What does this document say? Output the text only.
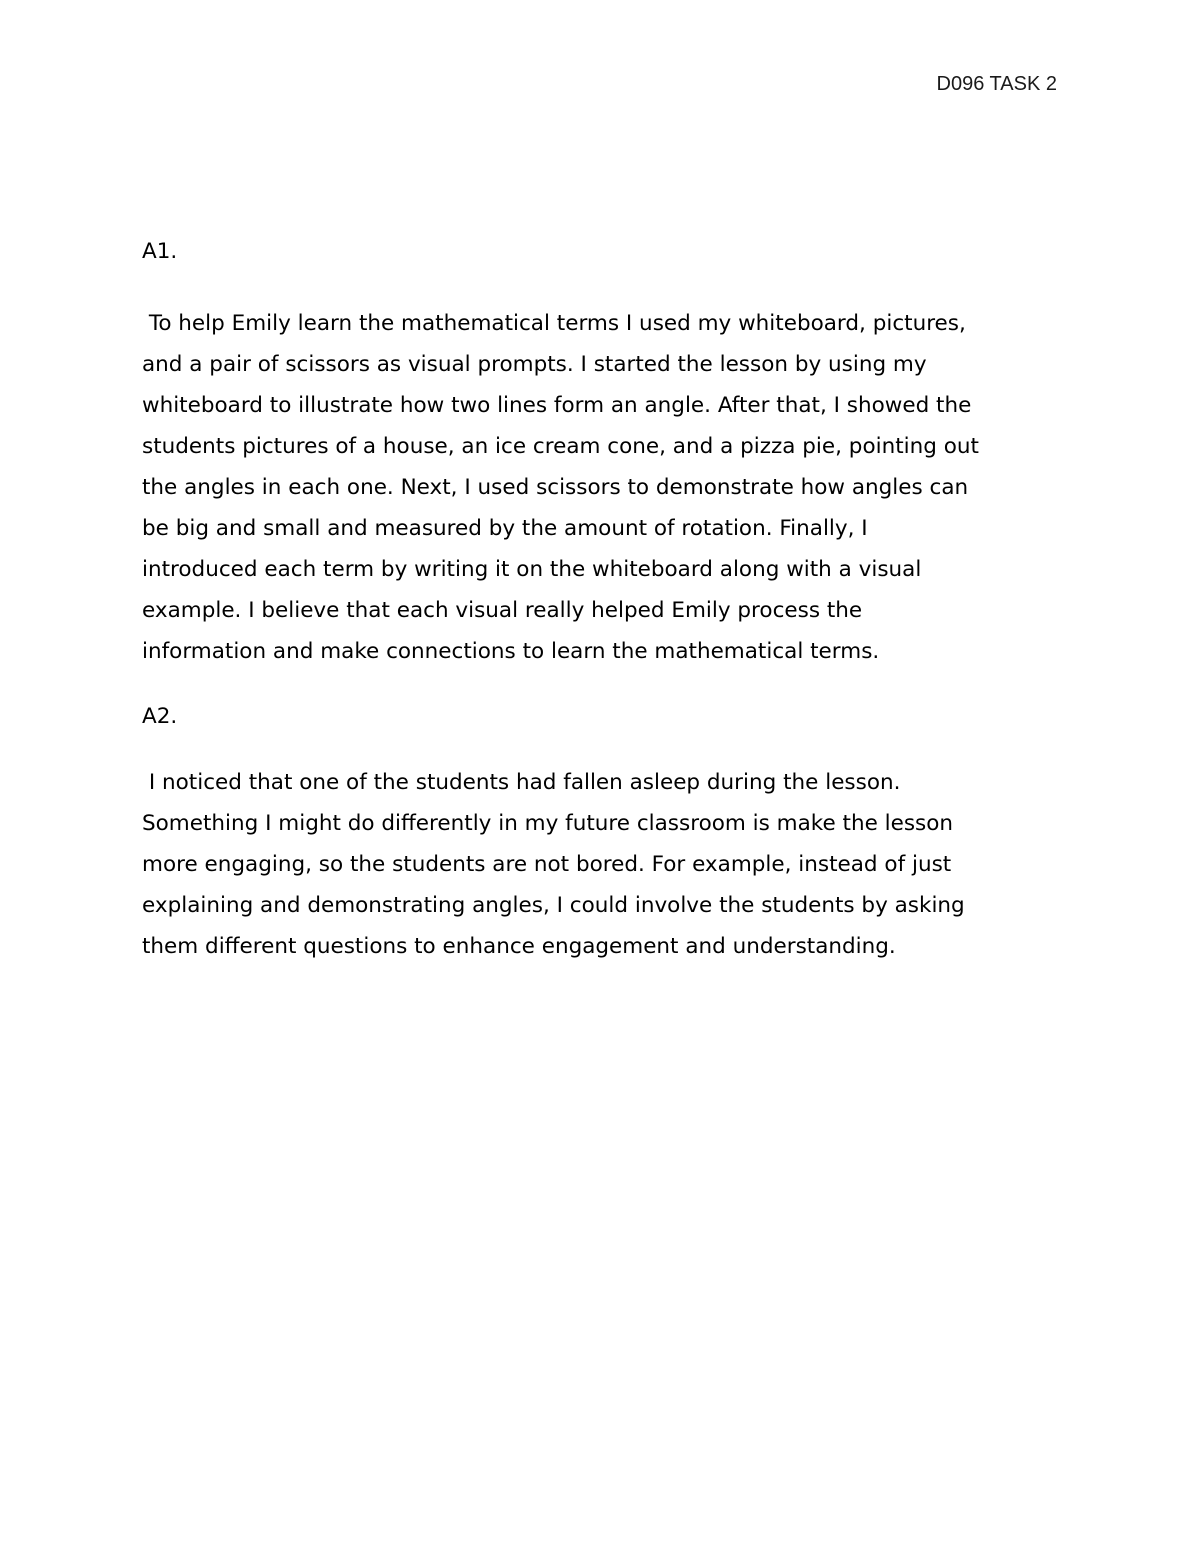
D096 TASK 2
A1.

To help Emily learn the mathematical terms I used my whiteboard, pictures,
and a pair of scissors as visual prompts. I started the lesson by using my
whiteboard to illustrate how two lines form an angle. After that, I showed the
students pictures of a house, an ice cream cone, and a pizza pie, pointing out
the angles in each one. Next, I used scissors to demonstrate how angles can
be big and small and measured by the amount of rotation. Finally, I
introduced each term by writing it on the whiteboard along with a visual
example. I believe that each visual really helped Emily process the
information and make connections to learn the mathematical terms.

A2.

I noticed that one of the students had fallen asleep during the lesson.
Something I might do differently in my future classroom is make the lesson
more engaging, so the students are not bored. For example, instead of just
explaining and demonstrating angles, I could involve the students by asking
them different questions to enhance engagement and understanding.
